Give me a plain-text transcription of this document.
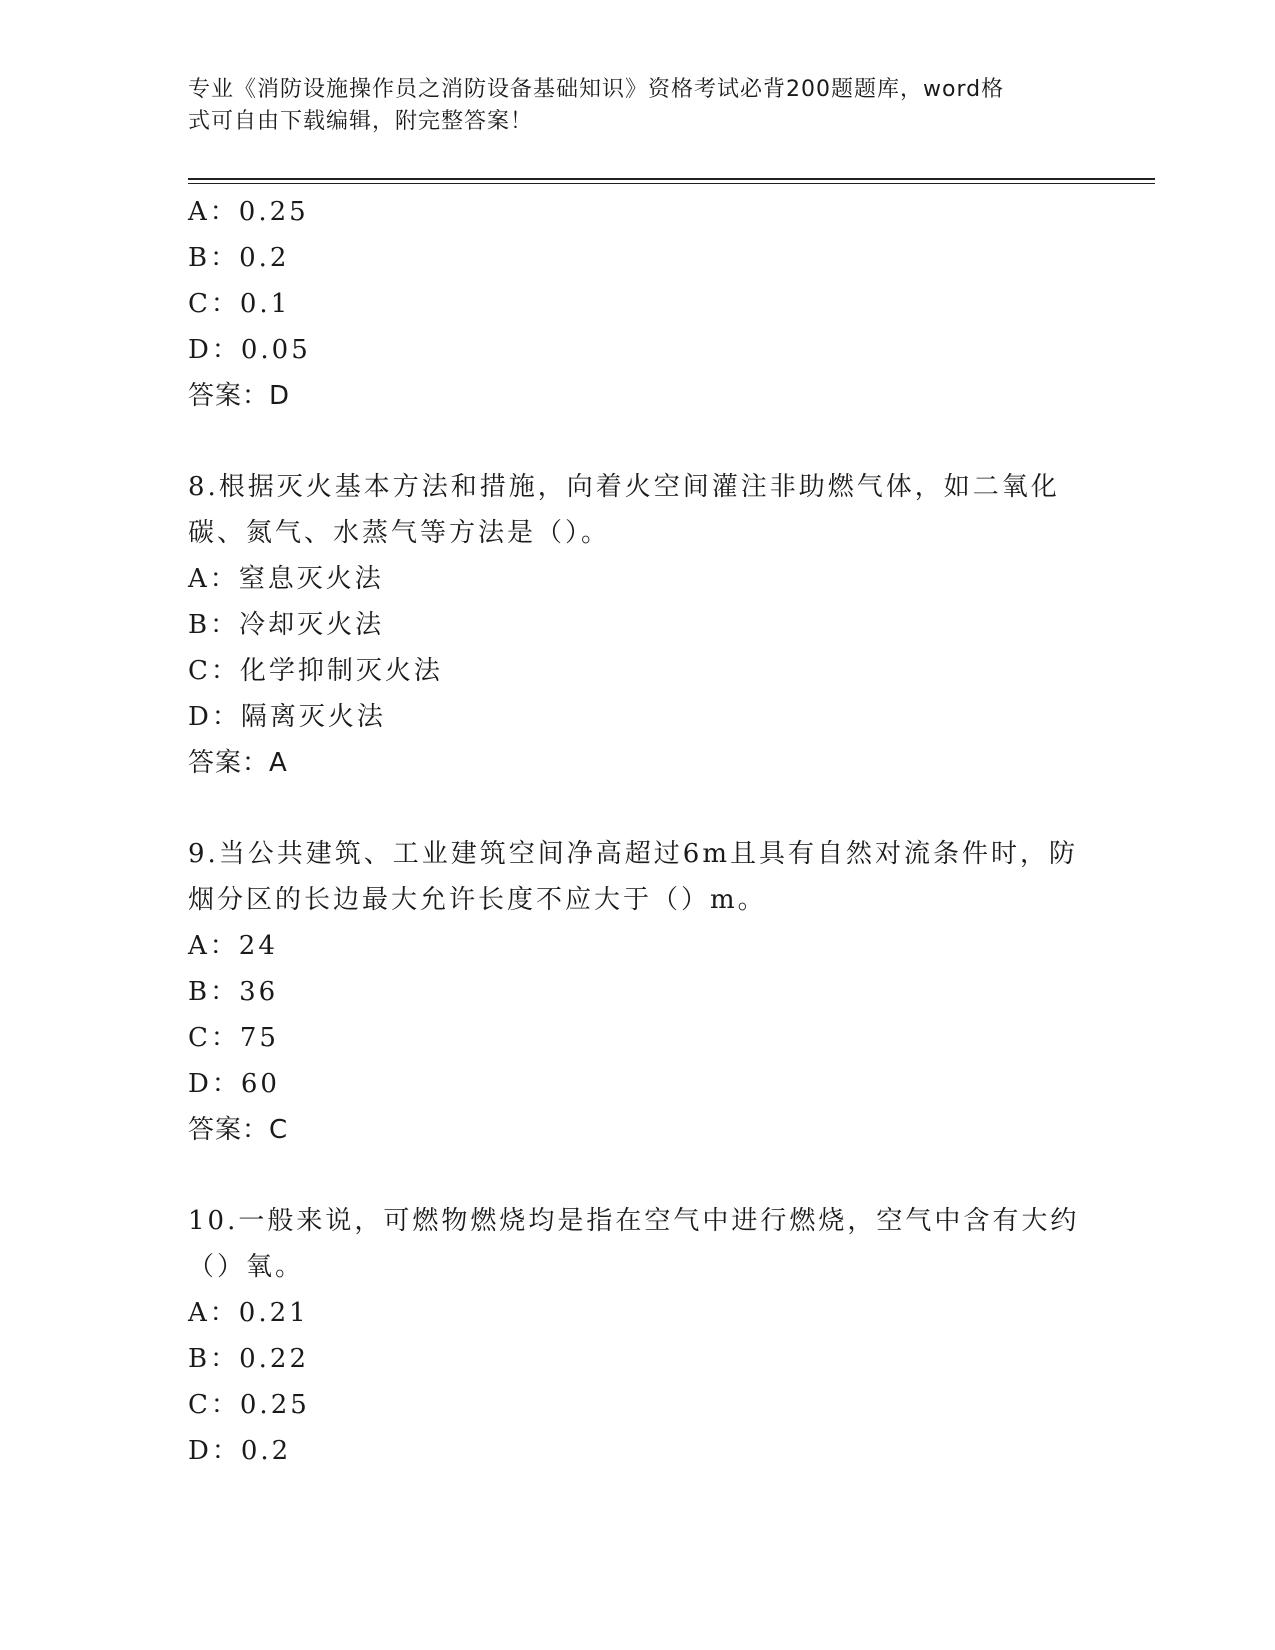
专业《消防设施操作员之消防设备基础知识》资格考试必背200题题库，word格
式可自由下载编辑，附完整答案！
A：0.25
B：0.2
C：0.1
D：0.05
答案：D
8.根据灭火基本方法和措施，向着火空间灌注非助燃气体，如二氧化
碳、氮气、水蒸气等方法是（）。
A：窒息灭火法
B：冷却灭火法
C：化学抑制灭火法
D：隔离灭火法
答案：A
9.当公共建筑、工业建筑空间净高超过6m且具有自然对流条件时，防
烟分区的长边最大允许长度不应大于（）m。
A：24
B：36
C：75
D：60
答案：C
10.一般来说，可燃物燃烧均是指在空气中进行燃烧，空气中含有大约
（）氧。
A：0.21
B：0.22
C：0.25
D：0.2
